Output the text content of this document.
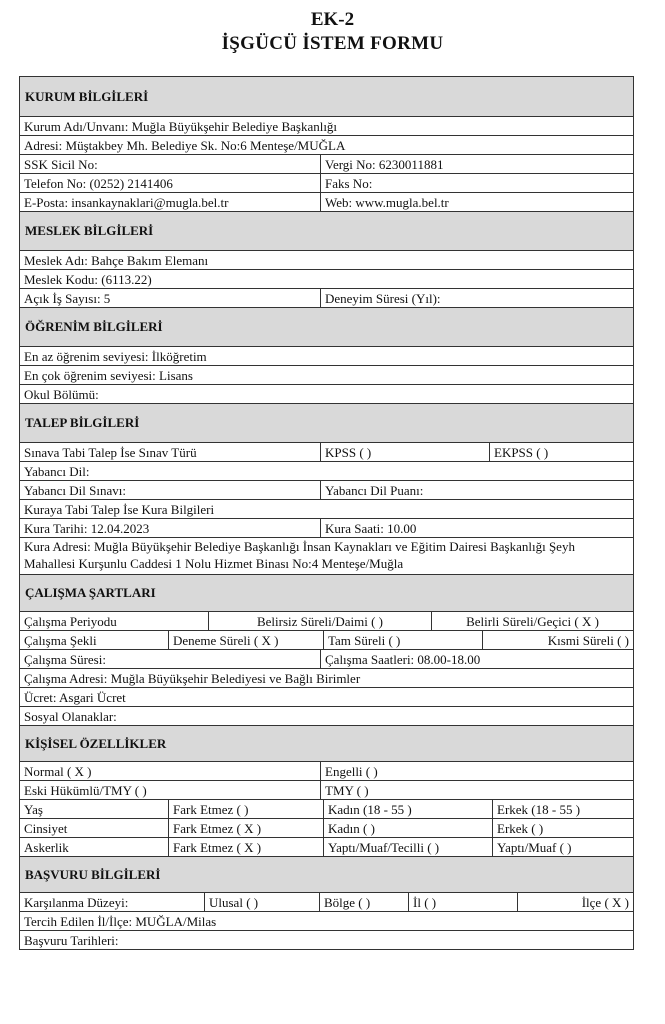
EK-2
İŞGÜCÜ İSTEM FORMU
KURUM BİLGİLERİ
Kurum Adı/Unvanı: Muğla Büyükşehir Belediye Başkanlığı
Adresi: Müştakbey Mh. Belediye Sk. No:6 Menteşe/MUĞLA
SSK Sicil No:	Vergi No: 6230011881
Telefon No: (0252) 2141406	Faks No:
E-Posta: insankaynaklari@mugla.bel.tr	Web: www.mugla.bel.tr
MESLEK BİLGİLERİ
Meslek Adı: Bahçe Bakım Elemanı
Meslek Kodu: (6113.22)
Açık İş Sayısı: 5	Deneyim Süresi (Yıl):
ÖĞRENİM BİLGİLERİ
En az öğrenim seviyesi: İlköğretim
En çok öğrenim seviyesi: Lisans
Okul Bölümü:
TALEP BİLGİLERİ
Sınava Tabi Talep İse Sınav Türü	KPSS ( )	EKPSS ( )
Yabancı Dil:
Yabancı Dil Sınavı:	Yabancı Dil Puanı:
Kuraya Tabi Talep İse Kura Bilgileri
Kura Tarihi: 12.04.2023	Kura Saati: 10.00
Kura Adresi: Muğla Büyükşehir Belediye Başkanlığı İnsan Kaynakları ve Eğitim Dairesi Başkanlığı Şeyh Mahallesi Kurşunlu Caddesi 1 Nolu Hizmet Binası No:4 Menteşe/Muğla
ÇALIŞMA ŞARTLARI
Çalışma Periyodu	Belirsiz Süreli/Daimi ( )	Belirli Süreli/Geçici ( X )
Çalışma Şekli	Deneme Süreli ( X )	Tam Süreli ( )	Kısmi Süreli ( )
Çalışma Süresi:	Çalışma Saatleri: 08.00-18.00
Çalışma Adresi: Muğla Büyükşehir Belediyesi ve Bağlı Birimler
Ücret: Asgari Ücret
Sosyal Olanaklar:
KİŞİSEL ÖZELLİKLER
Normal ( X )	Engelli ( )
Eski Hükümlü/TMY ( )	TMY ( )
Yaş	Fark Etmez ( )	Kadın (18 - 55 )	Erkek (18 - 55 )
Cinsiyet	Fark Etmez ( X )	Kadın ( )	Erkek ( )
Askerlik	Fark Etmez ( X )	Yaptı/Muaf/Tecilli ( )	Yaptı/Muaf ( )
BAŞVURU BİLGİLERİ
Karşılanma Düzeyi:	Ulusal ( )	Bölge ( )	İl ( )	İlçe ( X )
Tercih Edilen İl/İlçe: MUĞLA/Milas
Başvuru Tarihleri:
